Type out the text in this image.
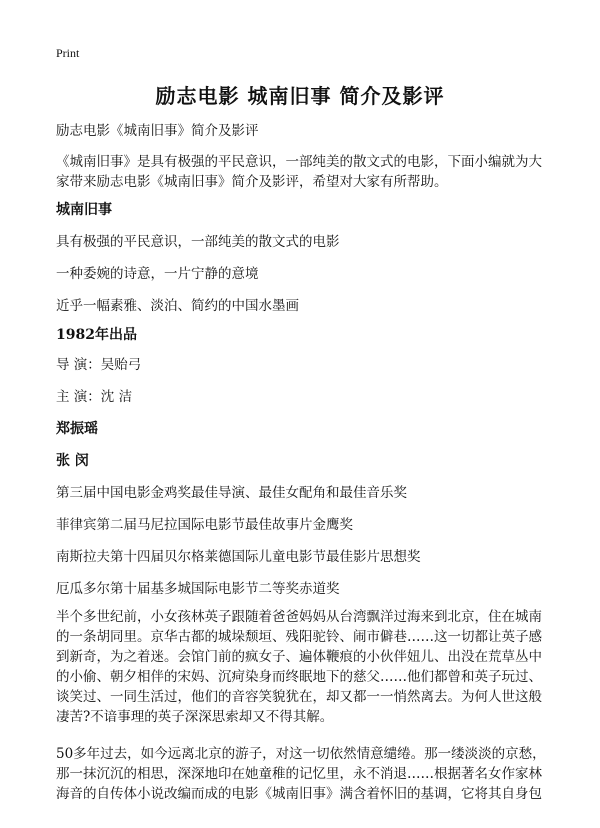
Print
励志电影 城南旧事 简介及影评
励志电影《城南旧事》简介及影评
《城南旧事》是具有极强的平民意识，一部纯美的散文式的电影，下面小编就为大
家带来励志电影《城南旧事》简介及影评，希望对大家有所帮助。
城南旧事
具有极强的平民意识，一部纯美的散文式的电影
一种委婉的诗意，一片宁静的意境
近乎一幅素雅、淡泊、简约的中国水墨画
1982年出品
导 演：吴贻弓
主 演：沈 洁
郑振瑶
张 闵
第三届中国电影金鸡奖最佳导演、最佳女配角和最佳音乐奖
菲律宾第二届马尼拉国际电影节最佳故事片金鹰奖
南斯拉夫第十四届贝尔格莱德国际儿童电影节最佳影片思想奖
厄瓜多尔第十届基多城国际电影节二等奖赤道奖
半个多世纪前，小女孩林英子跟随着爸爸妈妈从台湾飘洋过海来到北京，住在城南
的一条胡同里。京华古都的城垛颓垣、残阳驼铃、闹市僻巷……这一切都让英子感
到新奇，为之着迷。会馆门前的疯女子、遍体鞭痕的小伙伴妞儿、出没在荒草丛中
的小偷、朝夕相伴的宋妈、沉疴染身而终眠地下的慈父……他们都曾和英子玩过、
谈笑过、一同生活过，他们的音容笑貌犹在，却又都一一悄然离去。为何人世这般
凄苦?不谙事理的英子深深思索却又不得其解。
50多年过去，如今远离北京的游子，对这一切依然情意缱绻。那一缕淡淡的京愁，
那一抹沉沉的相思，深深地印在她童稚的记忆里，永不消退……根据著名女作家林
海音的自传体小说改编而成的电影《城南旧事》满含着怀旧的基调，它将其自身包
